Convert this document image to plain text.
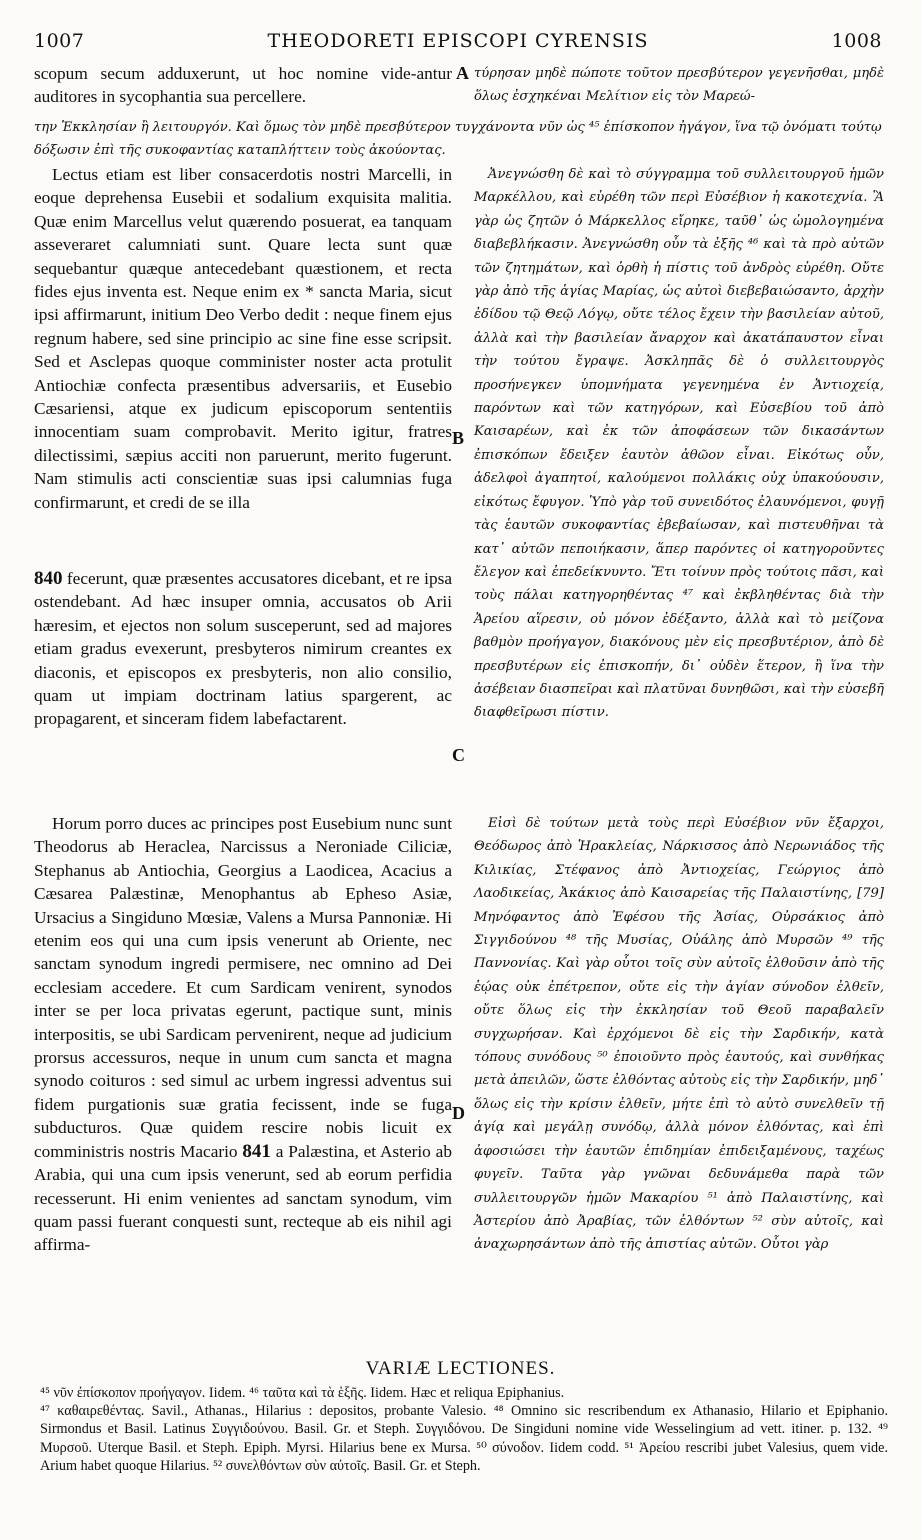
1007	THEODORETI EPISCOPI CYRENSIS	1008

scopum secum adduxerunt, ut hoc nomine vide-antur auditores in sycophantia sua percellere.

A τύρησαν μηδὲ πώποτε τοῦτον πρεσβύτερον γεγενῆσθαι, μηδὲ ὅλως ἐσχηκέναι Μελίτιον εἰς τὸν Μαρεώ-

την Ἐκκλησίαν ἢ λειτουργόν. Καὶ ὅμως τὸν μηδὲ πρεσβύτερον τυγχάνοντα νῦν ὡς ⁴⁵ ἐπίσκοπον ἠγάγον, ἵνα τῷ ὀνόματι τούτῳ δόξωσιν ἐπὶ τῆς συκοφαντίας καταπλήττειν τοὺς ἀκούοντας.

Lectus etiam est liber consacerdotis nostri Marcelli, in eoque deprehensa Eusebii et sodalium exquisita malitia. Quæ enim Marcellus velut quærendo posuerat, ea tanquam asseveraret calumniati sunt. Quare lecta sunt quæ sequebantur quæque antecedebant quæstionem, et recta fides ejus inventa est. Neque enim ex * sancta Maria, sicut ipsi affirmarunt, initium Deo Verbo dedit : neque finem ejus regnum habere, sed sine principio ac sine fine esse scripsit. Sed et Asclepas quoque comminister noster acta protulit Antiochiæ confecta præsentibus adversariis, et Eusebio Cæsariensi, atque ex judicum episcoporum sententiis innocentiam suam comprobavit. Merito igitur, fratres dilectissimi, sæpius acciti non paruerunt, merito fugerunt. Nam stimulis acti conscientiæ suas ipsi calumnias fuga confirmarunt, et credi de se illa

B

840 fecerunt, quæ præsentes accusatores dicebant, et re ipsa ostendebant. Ad hæc insuper omnia, accusatos ob Arii hæresim, et ejectos non solum susceperunt, sed ad majores etiam gradus evexerunt, presbyteros nimirum creantes ex diaconis, et episcopos ex presbyteris, non alio consilio, quam ut impiam doctrinam latius spargerent, ac propagarent, et sinceram fidem labefactarent.

C

Ἀνεγνώσθη δὲ καὶ τὸ σύγγραμμα τοῦ συλλειτουργοῦ ἡμῶν Μαρκέλλου, καὶ εὑρέθη τῶν περὶ Εὐσέβιον ἡ κακοτεχνία. Ἃ γὰρ ὡς ζητῶν ὁ Μάρκελλος εἴρηκε, ταῦθ᾽ ὡς ὡμολογημένα διαβεβλήκασιν. Ἀνεγνώσθη οὖν τὰ ἑξῆς ⁴⁶ καὶ τὰ πρὸ αὐτῶν τῶν ζητημάτων, καὶ ὀρθὴ ἡ πίστις τοῦ ἀνδρὸς εὑρέθη. Οὔτε γὰρ ἀπὸ τῆς ἁγίας Μαρίας, ὡς αὐτοὶ διεβεβαιώσαντο, ἀρχὴν ἐδίδου τῷ Θεῷ Λόγῳ, οὔτε τέλος ἔχειν τὴν βασιλείαν αὐτοῦ, ἀλλὰ καὶ τὴν βασιλείαν ἄναρχον καὶ ἀκατάπαυστον εἶναι τὴν τούτου ἔγραψε. Ἀσκληπᾶς δὲ ὁ συλλειτουργὸς προσήνεγκεν ὑπομνήματα γεγενημένα ἐν Ἀντιοχείᾳ, παρόντων καὶ τῶν κατηγόρων, καὶ Εὐσεβίου τοῦ ἀπὸ Καισαρέων, καὶ ἐκ τῶν ἀποφάσεων τῶν δικασάντων ἐπισκόπων ἔδειξεν ἑαυτὸν ἀθῶον εἶναι. Εἰκότως οὖν, ἀδελφοὶ ἀγαπητοί, καλούμενοι πολλάκις οὐχ ὑπακούουσιν, εἰκότως ἔφυγον. Ὑπὸ γὰρ τοῦ συνειδότος ἐλαυνόμενοι, φυγῇ τὰς ἑαυτῶν συκοφαντίας ἐβεβαίωσαν, καὶ πιστευθῆναι τὰ κατ᾽ αὐτῶν πεποιήκασιν, ἅπερ παρόντες οἱ κατηγοροῦντες ἔλεγον καὶ ἐπεδείκνυντο. Ἔτι τοίνυν πρὸς τούτοις πᾶσι, καὶ τοὺς πάλαι κατηγορηθέντας ⁴⁷ καὶ ἐκβληθέντας διὰ τὴν Ἀρείου αἵρεσιν, οὐ μόνον ἐδέξαντο, ἀλλὰ καὶ τὸ μείζονα βαθμὸν προήγαγον, διακόνους μὲν εἰς πρεσβυτέριον, ἀπὸ δὲ πρεσβυτέρων εἰς ἐπισκοπήν, δι᾽ οὐδὲν ἕτερον, ἢ ἵνα τὴν ἀσέβειαν διασπεῖραι καὶ πλατῦναι δυνηθῶσι, καὶ τὴν εὐσεβῆ διαφθεῖρωσι πίστιν.

Horum porro duces ac principes post Eusebium nunc sunt Theodorus ab Heraclea, Narcissus a Neroniade Ciliciæ, Stephanus ab Antiochia, Georgius a Laodicea, Acacius a Cæsarea Palæstinæ, Menophantus ab Epheso Asiæ, Ursacius a Singiduno Mœsiæ, Valens a Mursa Pannoniæ. Hi etenim eos qui una cum ipsis venerunt ab Oriente, nec sanctam synodum ingredi permisere, nec omnino ad Dei ecclesiam accedere. Et cum Sardicam venirent, synodos inter se per loca privatas egerunt, pactique sunt, minis interpositis, se ubi Sardicam pervenirent, neque ad judicium prorsus accessuros, neque in unum cum sancta et magna synodo coituros : sed simul ac urbem ingressi adventus sui fidem purgationis suæ gratia fecissent, inde se fuga subducturos. Quæ quidem rescire nobis licuit ex comministris nostris Macario 841 a Palæstina, et Asterio ab Arabia, qui una cum ipsis venerunt, sed ab eorum perfidia recesserunt. Hi enim venientes ad sanctam synodum, vim quam passi fuerant conquesti sunt, recteque ab eis nihil agi affirma-

D

Εἰσὶ δὲ τούτων μετὰ τοὺς περὶ Εὐσέβιον νῦν ἔξαρχοι, Θεόδωρος ἀπὸ Ἡρακλείας, Νάρκισσος ἀπὸ Νερωνιάδος τῆς Κιλικίας, Στέφανος ἀπὸ Ἀντιοχείας, Γεώργιος ἀπὸ Λαοδικείας, Ἀκάκιος ἀπὸ Καισαρείας τῆς Παλαιστίνης, [79] Μηνόφαντος ἀπὸ Ἐφέσου τῆς Ἀσίας, Οὐρσάκιος ἀπὸ Σιγγιδούνου ⁴⁸ τῆς Μυσίας, Οὐάλης ἀπὸ Μυρσῶν ⁴⁹ τῆς Παννονίας. Καὶ γὰρ οὗτοι τοῖς σὺν αὐτοῖς ἐλθοῦσιν ἀπὸ τῆς ἑῴας οὐκ ἐπέτρεπον, οὔτε εἰς τὴν ἁγίαν σύνοδον ἐλθεῖν, οὔτε ὅλως εἰς τὴν ἐκκλησίαν τοῦ Θεοῦ παραβαλεῖν συγχωρήσαν. Καὶ ἐρχόμενοι δὲ εἰς τὴν Σαρδικήν, κατὰ τόπους συνόδους ⁵⁰ ἐποιοῦντο πρὸς ἑαυτούς, καὶ συνθήκας μετὰ ἀπειλῶν, ὥστε ἐλθόντας αὐτοὺς εἰς τὴν Σαρδικήν, μηδ᾽ ὅλως εἰς τὴν κρίσιν ἐλθεῖν, μήτε ἐπὶ τὸ αὐτὸ συνελθεῖν τῇ ἁγίᾳ καὶ μεγάλῃ συνόδῳ, ἀλλὰ μόνον ἐλθόντας, καὶ ἐπὶ ἀφοσιώσει τὴν ἑαυτῶν ἐπιδημίαν ἐπιδειξαμένους, ταχέως φυγεῖν. Ταῦτα γὰρ γνῶναι δεδυνάμεθα παρὰ τῶν συλλειτουργῶν ἡμῶν Μακαρίου ⁵¹ ἀπὸ Παλαιστίνης, καὶ Ἀστερίου ἀπὸ Ἀραβίας, τῶν ἐλθόντων ⁵² σὺν αὐτοῖς, καὶ ἀναχωρησάντων ἀπὸ τῆς ἀπιστίας αὐτῶν. Οὗτοι γὰρ

VARIÆ LECTIONES.
⁴⁵ νῦν ἐπίσκοπον προήγαγον. Iidem. ⁴⁶ ταῦτα καὶ τὰ ἑξῆς. Iidem. Hæc et reliqua Epiphanius.
⁴⁷ καθαιρεθέντας. Savil., Athanas., Hilarius : depositos, probante Valesio. ⁴⁸ Omnino sic rescribendum ex Athanasio, Hilario et Epiphanio. Sirmondus et Basil. Latinus Συγγιδούνου. Basil. Gr. et Steph. Συγγιδόνου. De Singiduni nomine vide Wesselingium ad vett. itiner. p. 132. ⁴⁹ Μυρσοῦ. Uterque Basil. et Steph. Epiph. Myrsi. Hilarius bene ex Mursa. ⁵⁰ σύνοδον. Iidem codd. ⁵¹ Ἀρείου rescribi jubet Valesius, quem vide. Arium habet quoque Hilarius. ⁵² συνελθόντων σὺν αὐτοῖς. Basil. Gr. et Steph.
